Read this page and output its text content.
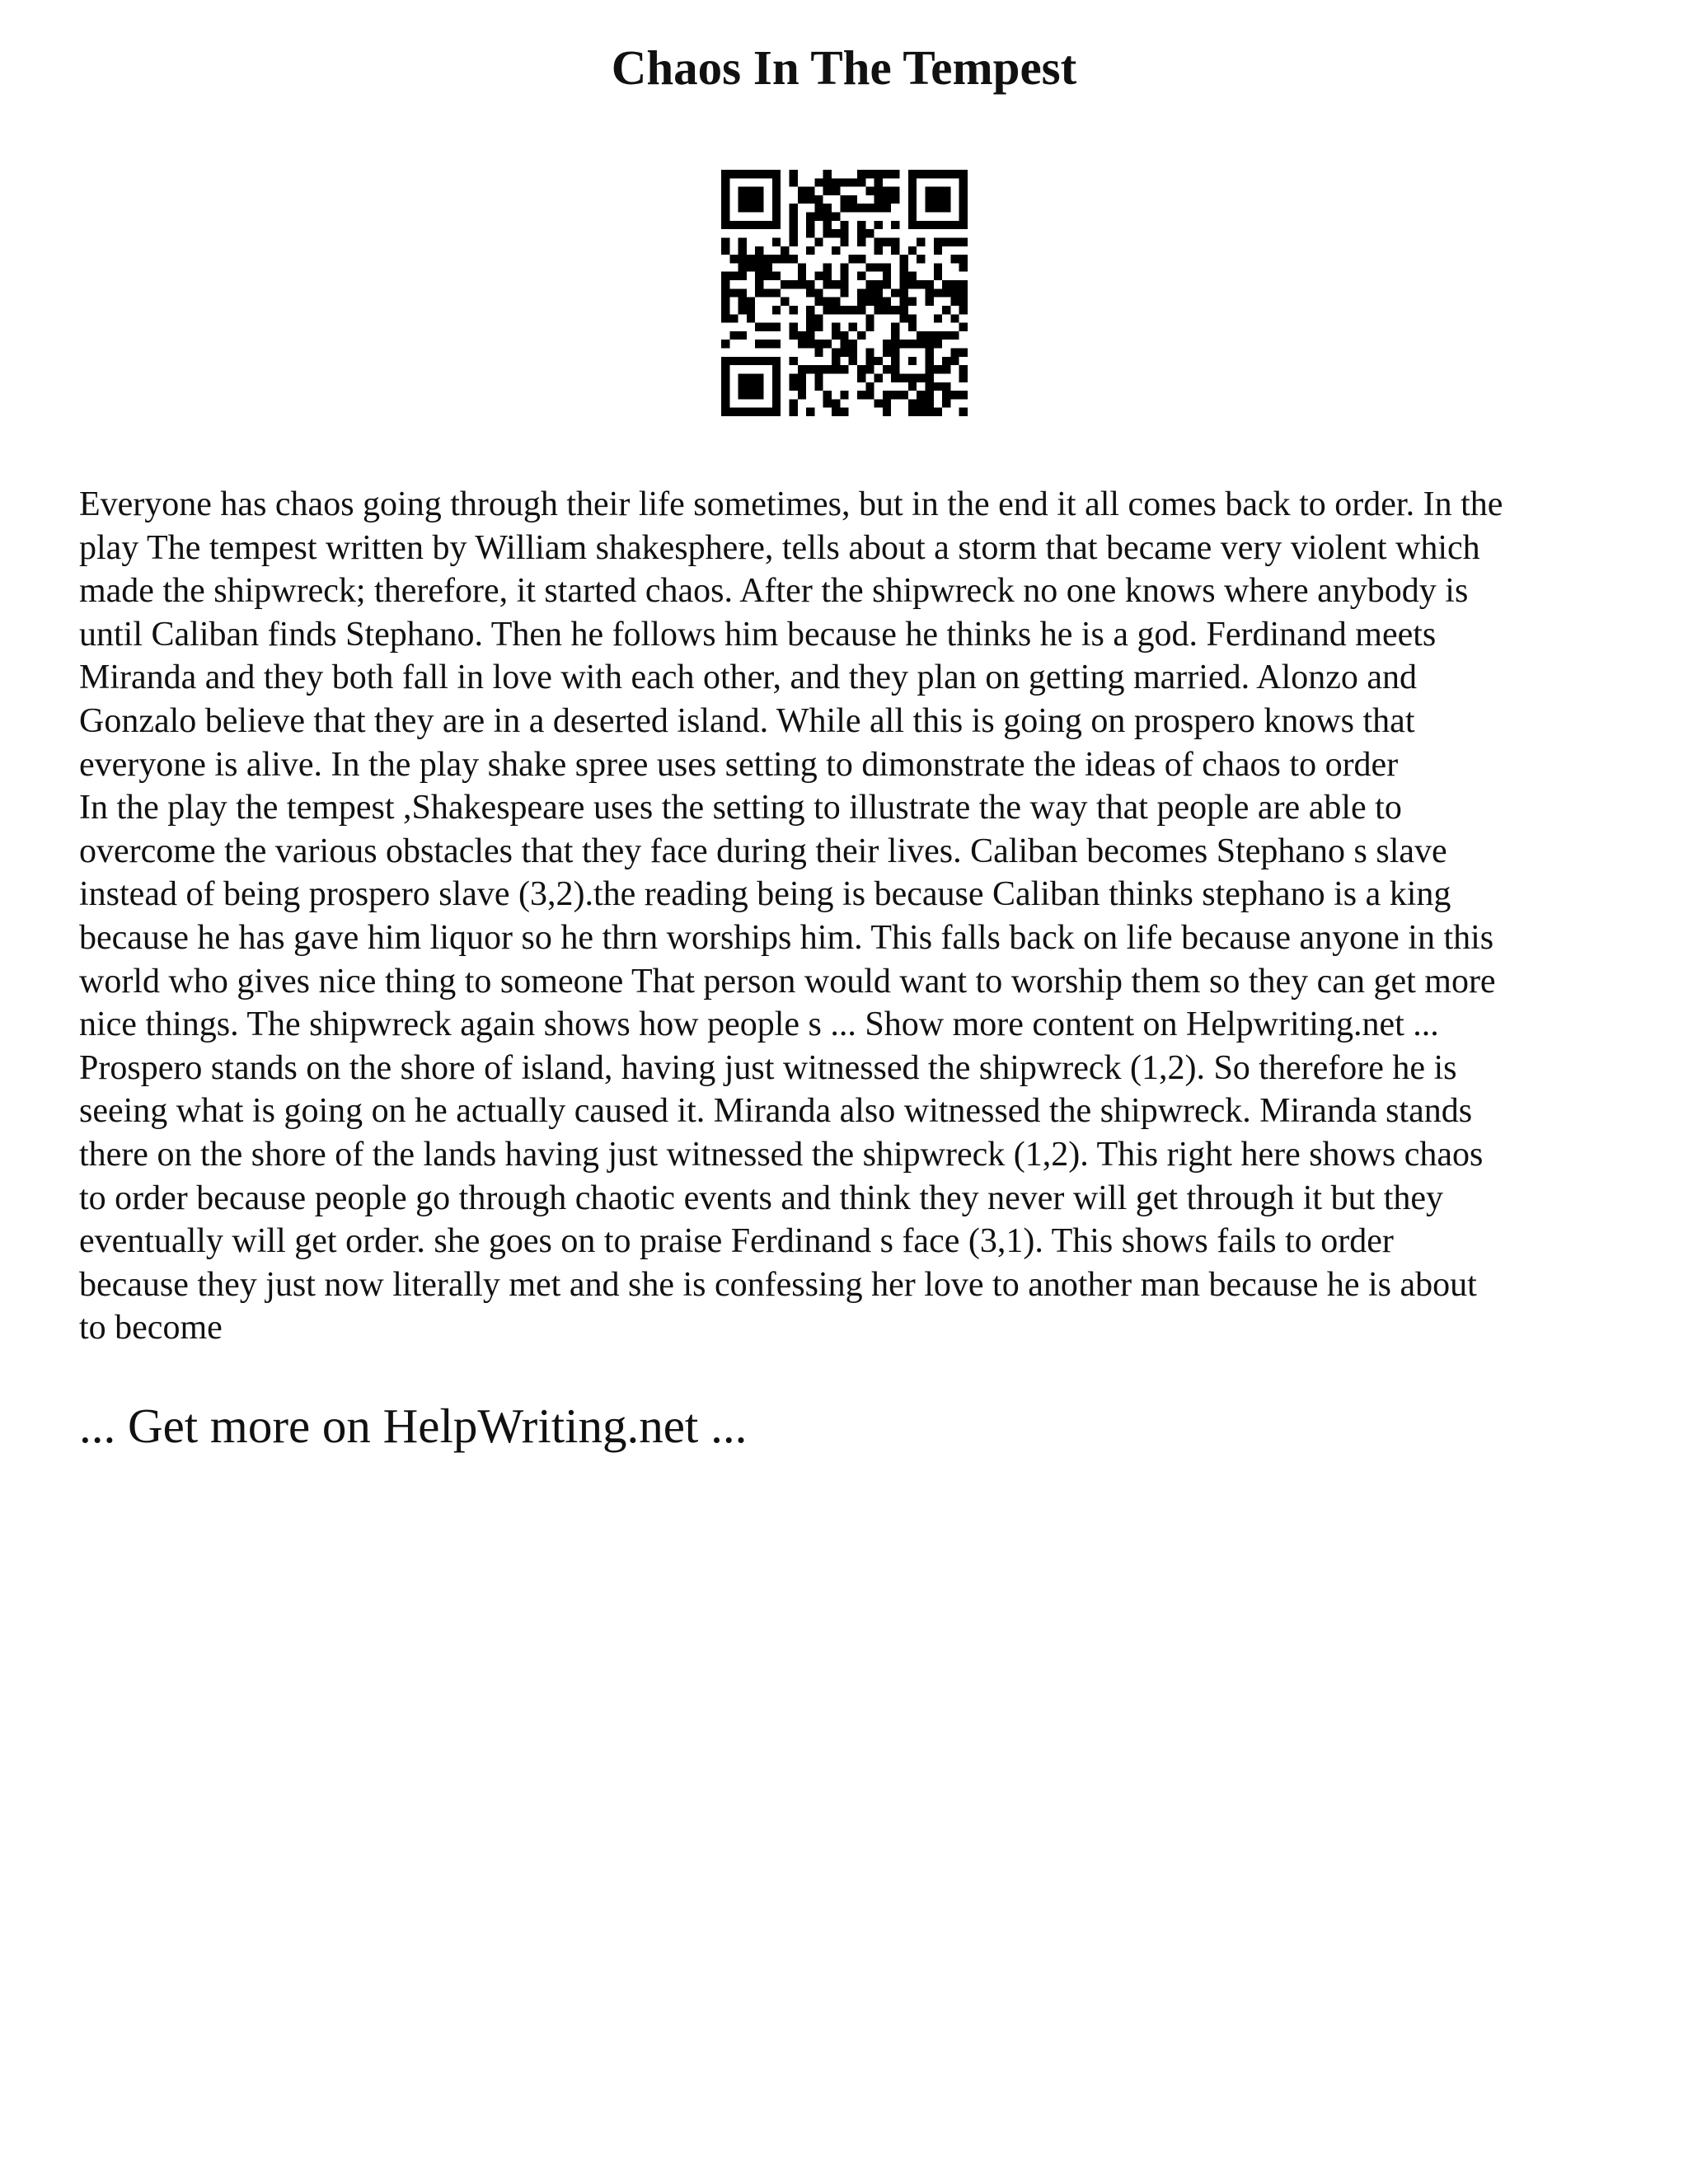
Chaos In The Tempest
Everyone has chaos going through their life sometimes, but in the end it all comes back to order. In the
play The tempest written by William shakesphere, tells about a storm that became very violent which
made the shipwreck; therefore, it started chaos. After the shipwreck no one knows where anybody is
until Caliban finds Stephano. Then he follows him because he thinks he is a god. Ferdinand meets
Miranda and they both fall in love with each other, and they plan on getting married. Alonzo and
Gonzalo believe that they are in a deserted island. While all this is going on prospero knows that
everyone is alive. In the play shake spree uses setting to dimonstrate the ideas of chaos to order
In the play the tempest ,Shakespeare uses the setting to illustrate the way that people are able to
overcome the various obstacles that they face during their lives. Caliban becomes Stephano s slave
instead of being prospero slave (3,2).the reading being is because Caliban thinks stephano is a king
because he has gave him liquor so he thrn worships him. This falls back on life because anyone in this
world who gives nice thing to someone That person would want to worship them so they can get more
nice things. The shipwreck again shows how people s ... Show more content on Helpwriting.net ...
Prospero stands on the shore of island, having just witnessed the shipwreck (1,2). So therefore he is
seeing what is going on he actually caused it. Miranda also witnessed the shipwreck. Miranda stands
there on the shore of the lands having just witnessed the shipwreck (1,2). This right here shows chaos
to order because people go through chaotic events and think they never will get through it but they
eventually will get order. she goes on to praise Ferdinand s face (3,1). This shows fails to order
because they just now literally met and she is confessing her love to another man because he is about
to become

... Get more on HelpWriting.net ...
